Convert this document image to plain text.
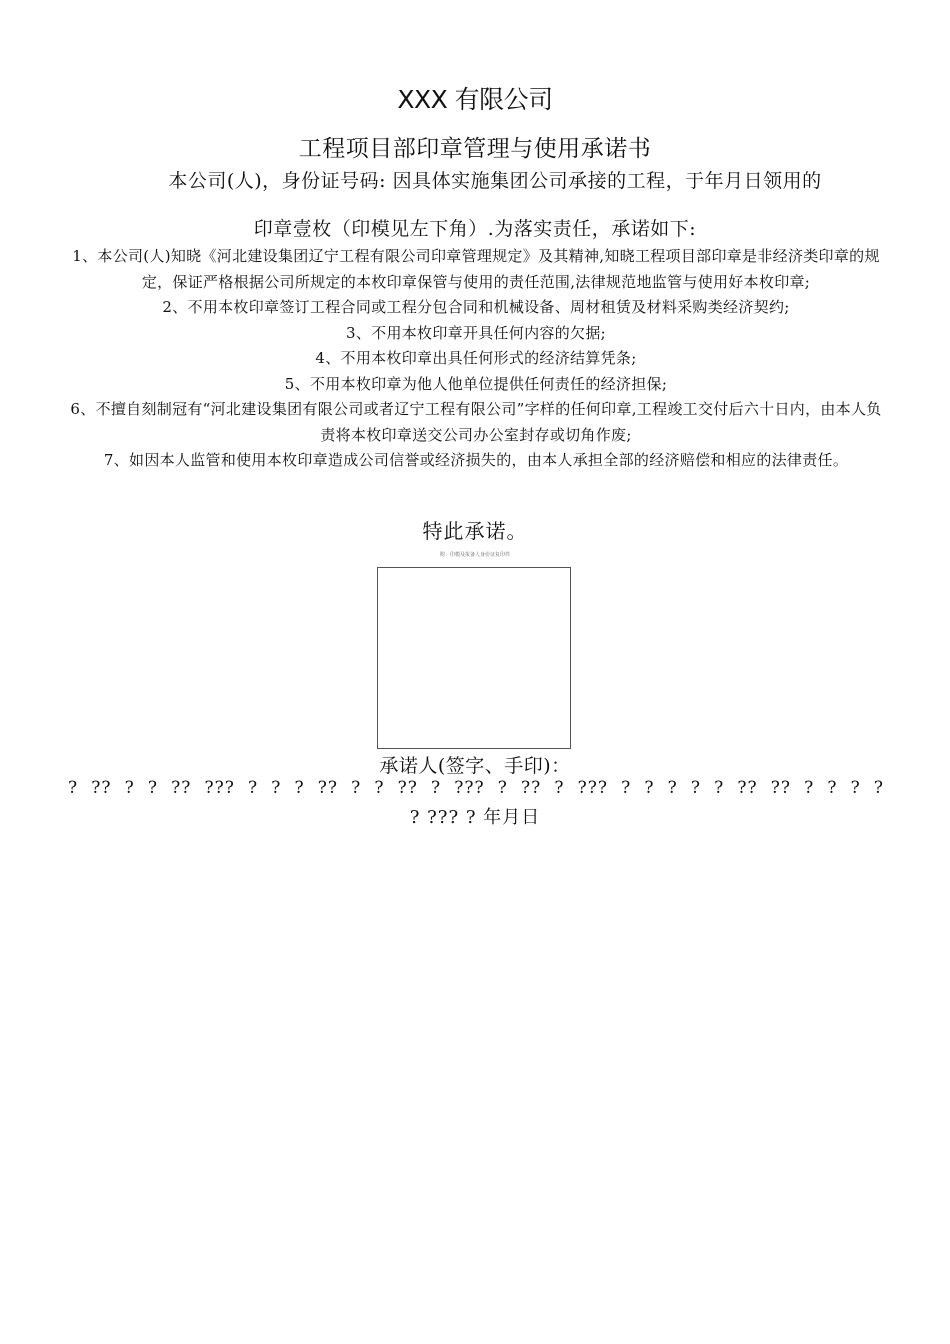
XXX 有限公司
工程项目部印章管理与使用承诺书
本公司(人)，身份证号码: 因具体实施集团公司承接的工程，于年月日领用的
印章壹枚（印模见左下角）.为落实责任，承诺如下:
1、本公司(人)知晓《河北建设集团辽宁工程有限公司印章管理规定》及其精神,知晓工程项目部印章是非经济类印章的规定，保证严格根据公司所规定的本枚印章保管与使用的责任范围,法律规范地监管与使用好本枚印章;
2、不用本枚印章签订工程合同或工程分包合同和机械设备、周材租赁及材料采购类经济契约;
3、不用本枚印章开具任何内容的欠据;
4、不用本枚印章出具任何形式的经济结算凭条;
5、不用本枚印章为他人他单位提供任何责任的经济担保;
6、不擅自刻制冠有“河北建设集团有限公司或者辽宁工程有限公司”字样的任何印章,工程竣工交付后六十日内，由本人负责将本枚印章送交公司办公室封存或切角作废;
7、如因本人监管和使用本枚印章造成公司信誉或经济损失的，由本人承担全部的经济赔偿和相应的法律责任。
特此承诺。
附：印模及报备人身份证复印件
承诺人(签字、手印)：
? ?? ? ? ?? ??? ? ? ? ?? ? ? ?? ? ??? ? ?? ? ??? ? ? ? ? ? ?? ?? ? ? ? ?
? ??? ? 年月日
